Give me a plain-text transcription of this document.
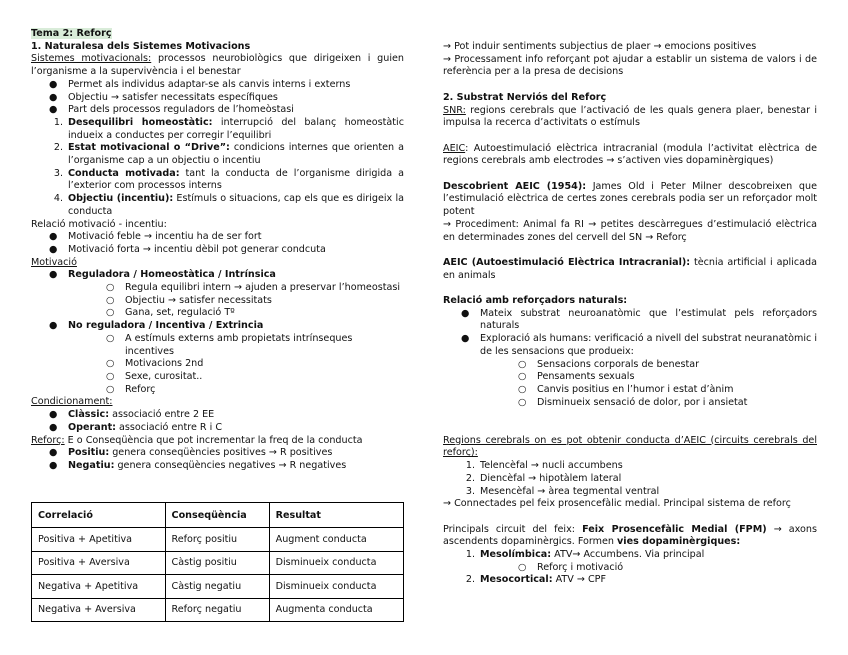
Tema 2: Reforç
1. Naturalesa dels Sistemes Motivacions
Sistemes motivacionals: processos neurobiològics que dirigeixen i guien l’organisme a la supervivència i el benestar
●	Permet als individus adaptar-se als canvis interns i externs
●	Objectiu → satisfer necessitats específiques
●	Part dels processos reguladors de l’homeòstasi
1. Desequilibri homeostàtic: interrupció del balanç homeostàtic indueix a conductes per corregir l’equilibri
2. Estat motivacional o “Drive”: condicions internes que orienten a l’organisme cap a un objectiu o incentiu
3. Conducta motivada: tant la conducta de l’organisme dirigida a l’exterior com processos interns
4. Objectiu (incentiu): Estímuls o situacions, cap els que es dirigeix la conducta
Relació motivació - incentiu:
●	Motivació feble → incentiu ha de ser fort
●	Motivació forta → incentiu dèbil pot generar condcuta
Motivació
●	Reguladora / Homeostàtica / Intrínsica
○	Regula equilibri intern → ajuden a preservar l’homeostasi
○	Objectiu → satisfer necessitats
○	Gana, set, regulació Tº
●	No reguladora / Incentiva / Extrincia
○	A estímuls externs amb propietats intrínseques incentives
○	Motivacions 2nd
○	Sexe, curositat..
○	Reforç
Condicionament:
●	Clàssic: associació entre 2 EE
●	Operant: associació entre R i C
Reforç: E o Conseqüència que pot incrementar la freq de la conducta
●	Positiu: genera conseqüències positives → R positives
●	Negatiu: genera conseqüències negatives → R negatives
Correlació	Conseqüència	Resultat
Positiva + Apetitiva	Reforç positiu	Augment conducta
Positiva + Aversiva	Càstig positiu	Disminueix conducta
Negativa + Apetitiva	Càstig negatiu	Disminueix conducta
Negativa + Aversiva	Reforç negatiu	Augmenta conducta
→ Pot induir sentiments subjectius de plaer → emocions positives
→ Processament info reforçant pot ajudar a establir un sistema de valors i de referència per a la presa de decisions
2. Substrat Nerviós del Reforç
SNR: regions cerebrals que l’activació de les quals genera plaer, benestar i impulsa la recerca d’activitats o estímuls
AEIC: Autoestimulació elèctrica intracranial (modula l’activitat elèctrica de regions cerebrals amb electrodes → s’activen vies dopaminèrgiques)
Descobrient AEIC (1954): James Old i Peter Milner descobreixen que l’estimulació elèctrica de certes zones cerebrals podia ser un reforçador molt potent
→ Procediment: Animal fa RI → petites descàrregues d’estimulació elèctrica en determinades zones del cervell del SN → Reforç
AEIC (Autoestimulació Elèctrica Intracranial): tècnia artificial i aplicada en animals
Relació amb reforçadors naturals:
●	Mateix substrat neuroanatòmic que l’estimulat pels reforçadors naturals
●	Exploració als humans: verificació a nivell del substrat neuranatòmic i de les sensacions que produeix:
○	Sensacions corporals de benestar
○	Pensaments sexuals
○	Canvis positius en l’humor i estat d’ànim
○	Disminueix sensació de dolor, por i ansietat
Regions cerebrals on es pot obtenir conducta d’AEIC (circuits cerebrals del reforç):
1. Telencèfal → nucli accumbens
2. Diencèfal → hipotàlem lateral
3. Mesencèfal → àrea tegmental ventral
→ Connectades pel feix prosencefàlic medial. Principal sistema de reforç
Principals circuit del feix: Feix Prosencefàlic Medial (FPM) → axons ascendents dopaminèrgics. Formen vies dopaminèrgiques:
1. Mesolímbica: ATV→ Accumbens. Via principal
○	Reforç i motivació
2. Mesocortical: ATV → CPF
